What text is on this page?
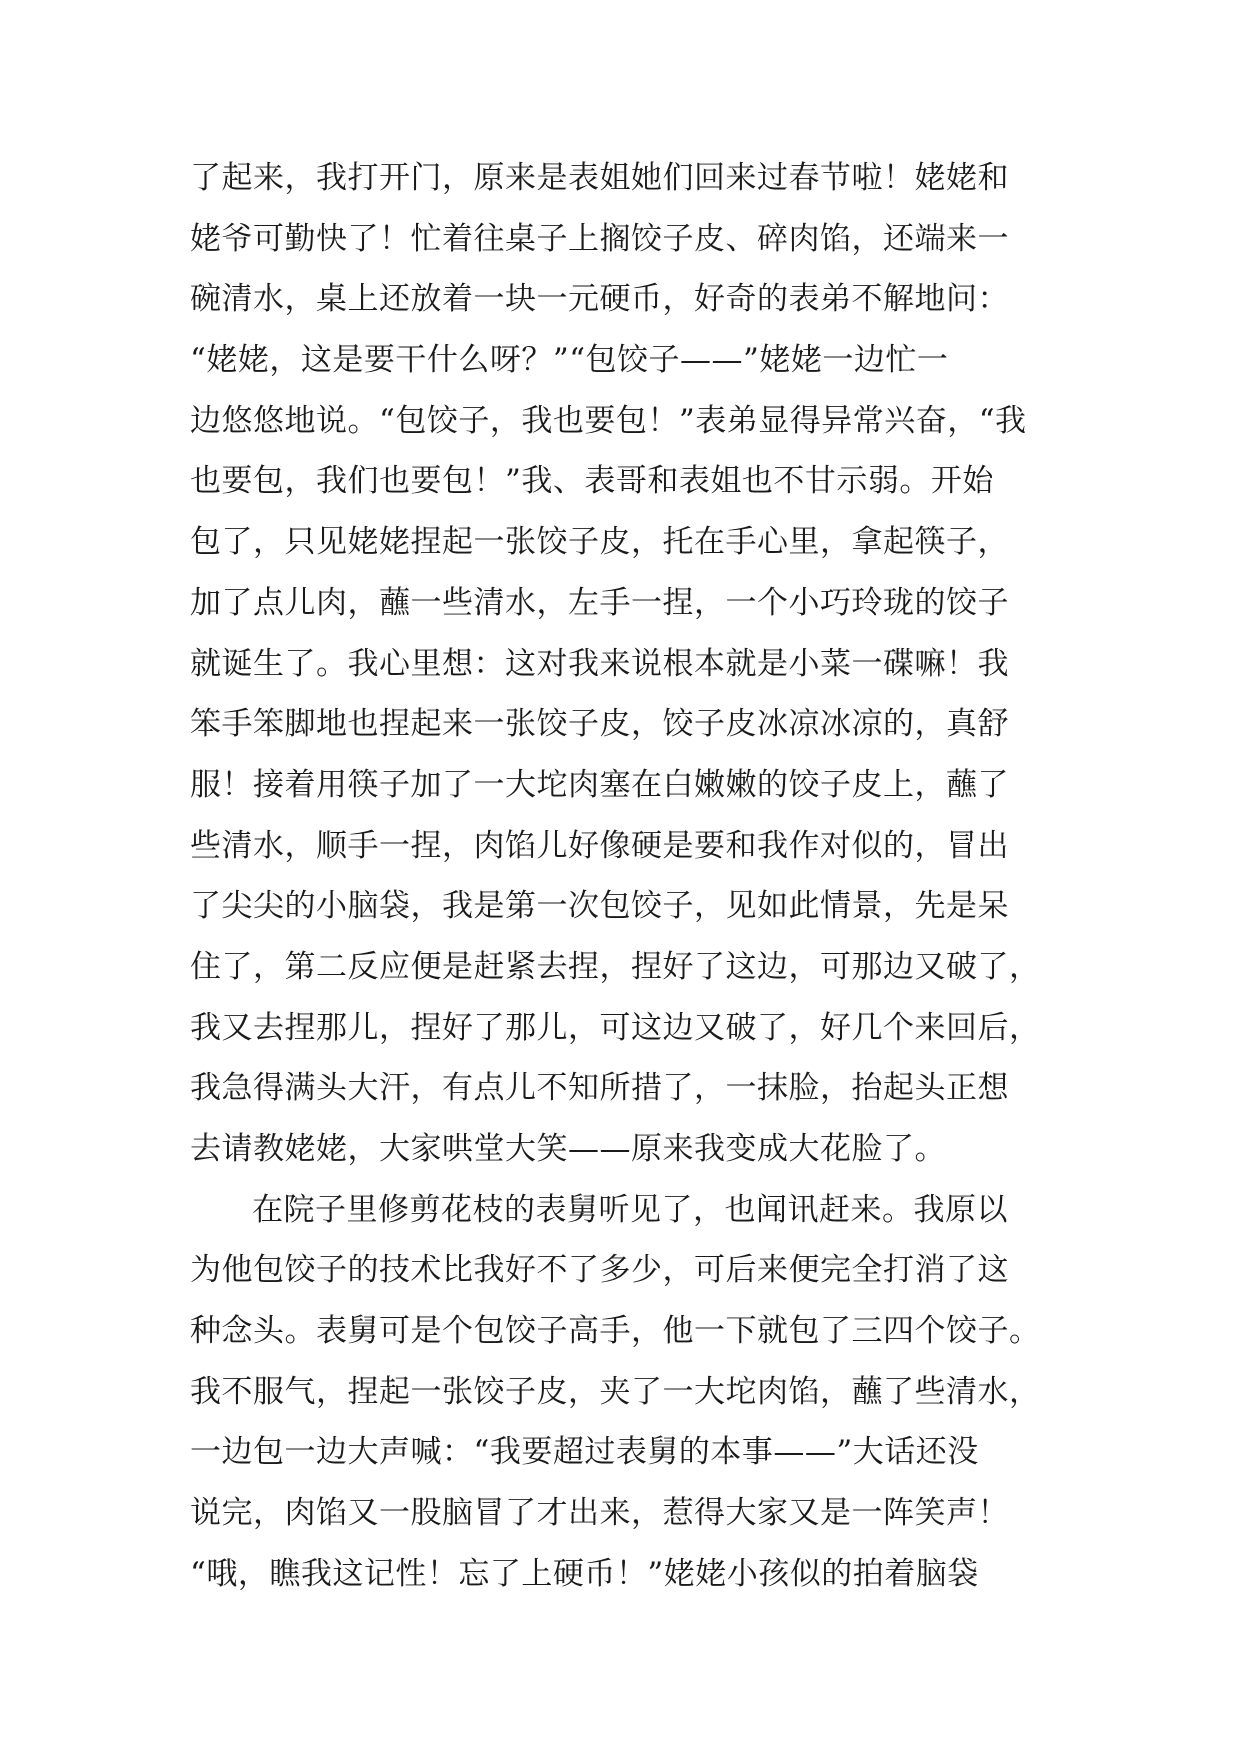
了起来，我打开门，原来是表姐她们回来过春节啦！姥姥和
姥爷可勤快了！忙着往桌子上搁饺子皮、碎肉馅，还端来一
碗清水，桌上还放着一块一元硬币，好奇的表弟不解地问：
“姥姥，这是要干什么呀？”“包饺子——”姥姥一边忙一
边悠悠地说。“包饺子，我也要包！”表弟显得异常兴奋，“我
也要包，我们也要包！”我、表哥和表姐也不甘示弱。开始
包了，只见姥姥捏起一张饺子皮，托在手心里，拿起筷子，
加了点儿肉，蘸一些清水，左手一捏，一个小巧玲珑的饺子
就诞生了。我心里想：这对我来说根本就是小菜一碟嘛！我
笨手笨脚地也捏起来一张饺子皮，饺子皮冰凉冰凉的，真舒
服！接着用筷子加了一大坨肉塞在白嫩嫩的饺子皮上，蘸了
些清水，顺手一捏，肉馅儿好像硬是要和我作对似的，冒出
了尖尖的小脑袋，我是第一次包饺子，见如此情景，先是呆
住了，第二反应便是赶紧去捏，捏好了这边，可那边又破了，
我又去捏那儿，捏好了那儿，可这边又破了，好几个来回后，
我急得满头大汗，有点儿不知所措了，一抹脸，抬起头正想
去请教姥姥，大家哄堂大笑——原来我变成大花脸了。
在院子里修剪花枝的表舅听见了，也闻讯赶来。我原以
为他包饺子的技术比我好不了多少，可后来便完全打消了这
种念头。表舅可是个包饺子高手，他一下就包了三四个饺子。
我不服气，捏起一张饺子皮，夹了一大坨肉馅，蘸了些清水，
一边包一边大声喊：“我要超过表舅的本事——”大话还没
说完，肉馅又一股脑冒了才出来，惹得大家又是一阵笑声！
“哦，瞧我这记性！忘了上硬币！”姥姥小孩似的拍着脑袋
